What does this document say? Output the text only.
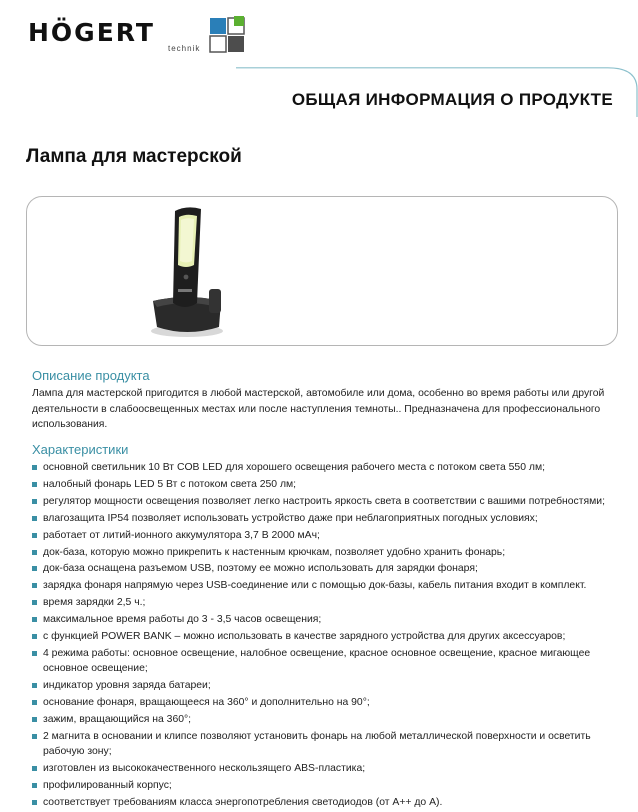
HÖGERT
technik
ОБЩАЯ ИНФОРМАЦИЯ О ПРОДУКТЕ
Лампа для мастерской
Описание продукта
Лампа для мастерской пригодится в любой мастерской, автомобиле или дома, особенно во время работы или другой деятельности в слабоосвещенных местах или после наступления темноты.. Предназначена для профессионального использования.
Характеристики
основной светильник 10 Вт COB LED для хорошего освещения рабочего места с потоком света 550 лм;
налобный фонарь LED 5 Вт с потоком света 250 лм;
регулятор мощности освещения позволяет легко настроить яркость света в соответствии с вашими потребностями;
влагозащита IP54 позволяет использовать устройство даже при неблагоприятных погодных условиях;
работает от литий-ионного аккумулятора 3,7 В 2000 мАч;
док-база, которую можно прикрепить к настенным крючкам, позволяет удобно хранить фонарь;
док-база оснащена разъемом USB, поэтому ее можно использовать для зарядки фонаря;
зарядка фонаря напрямую через USB-соединение или с помощью док-базы, кабель питания входит в комплект.
время зарядки 2,5 ч.;
максимальное время работы до 3 - 3,5 часов освещения;
с функцией POWER BANK – можно использовать в качестве зарядного устройства для других аксессуаров;
4 режима работы: основное освещение, налобное освещение, красное основное освещение, красное мигающее основное освещение;
индикатор уровня заряда батареи;
основание фонаря, вращающееся на 360° и дополнительно на 90°;
зажим, вращающийся на 360°;
2 магнита в основании и клипсе позволяют установить фонарь на любой металлической поверхности и осветить рабочую зону;
изготовлен из высококачественного нескользящего ABS-пластика;
профилированный корпус;
соответствует требованиям класса энергопотребления светодиодов (от A++ до A).
